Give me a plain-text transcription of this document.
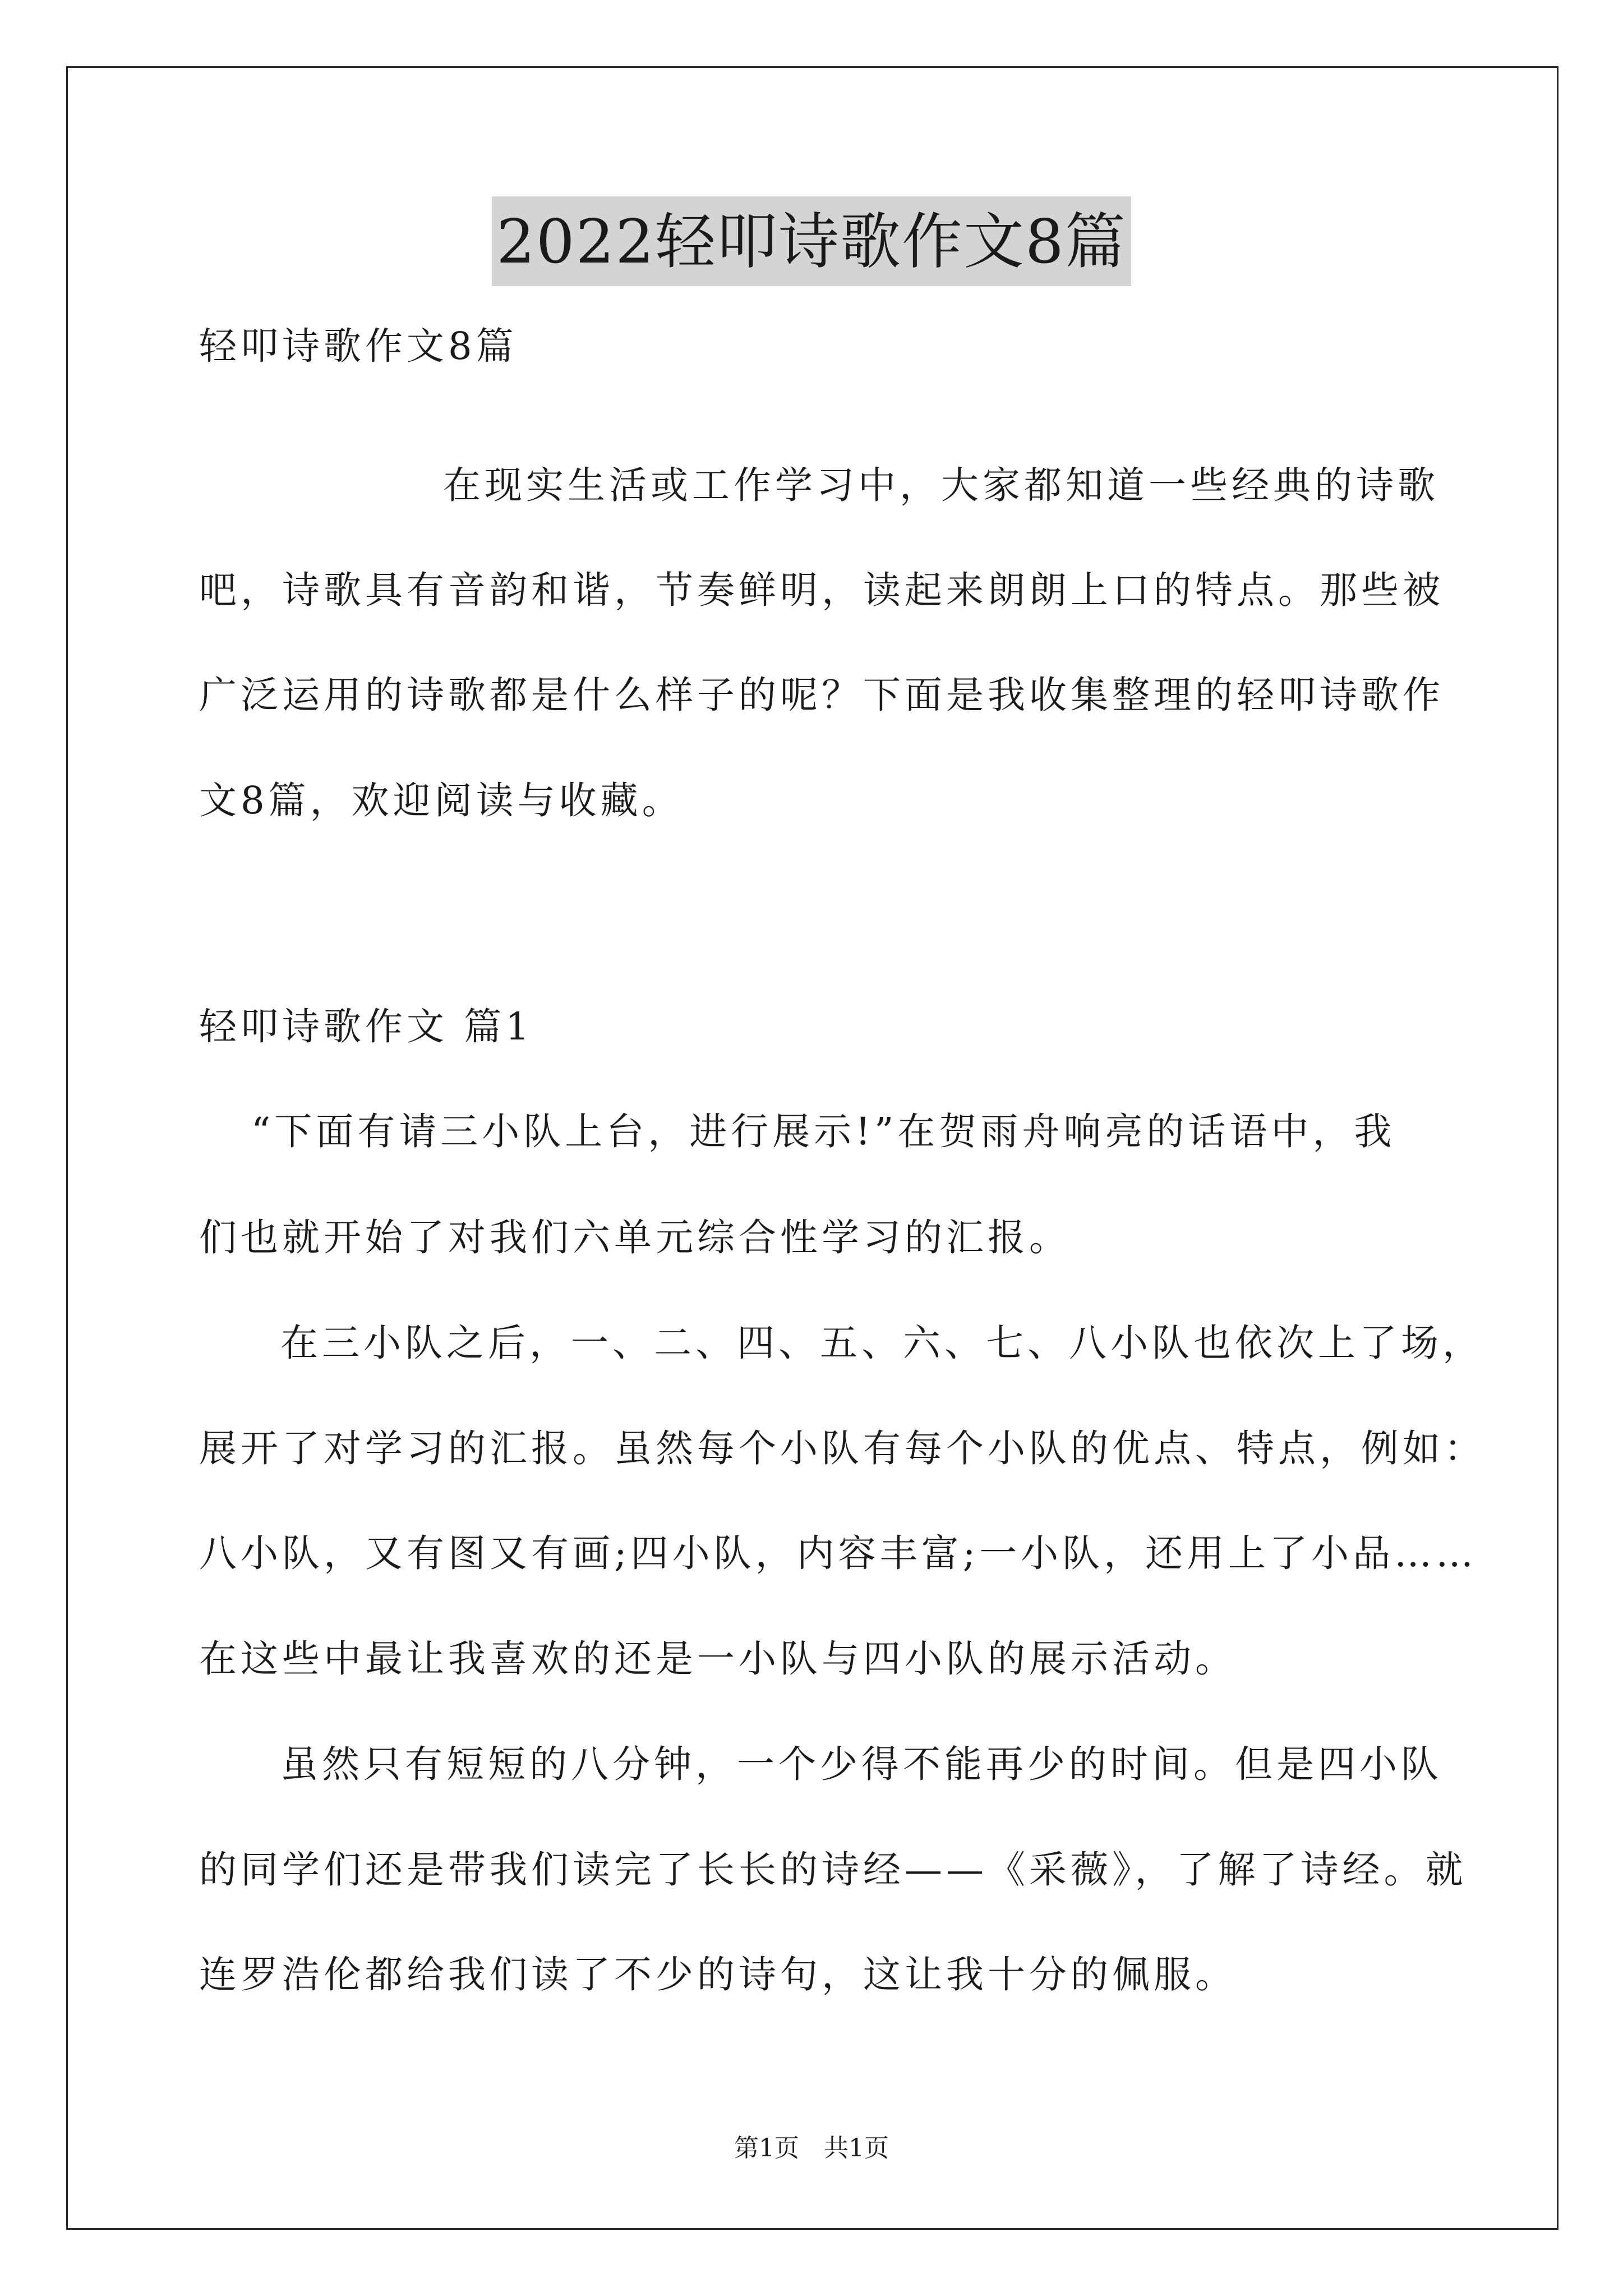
2022轻叩诗歌作文8篇
轻叩诗歌作文8篇
在现实生活或工作学习中，大家都知道一些经典的诗歌
吧，诗歌具有音韵和谐，节奏鲜明，读起来朗朗上口的特点。那些被
广泛运用的诗歌都是什么样子的呢？下面是我收集整理的轻叩诗歌作
文8篇，欢迎阅读与收藏。
轻叩诗歌作文 篇1
“下面有请三小队上台，进行展示!”在贺雨舟响亮的话语中，我
们也就开始了对我们六单元综合性学习的汇报。
在三小队之后，一、二、四、五、六、七、八小队也依次上了场，
展开了对学习的汇报。虽然每个小队有每个小队的优点、特点，例如：
八小队，又有图又有画;四小队，内容丰富;一小队，还用上了小品……
在这些中最让我喜欢的还是一小队与四小队的展示活动。
虽然只有短短的八分钟，一个少得不能再少的时间。但是四小队
的同学们还是带我们读完了长长的诗经——《采薇》，了解了诗经。就
连罗浩伦都给我们读了不少的诗句，这让我十分的佩服。
第1页　共1页
